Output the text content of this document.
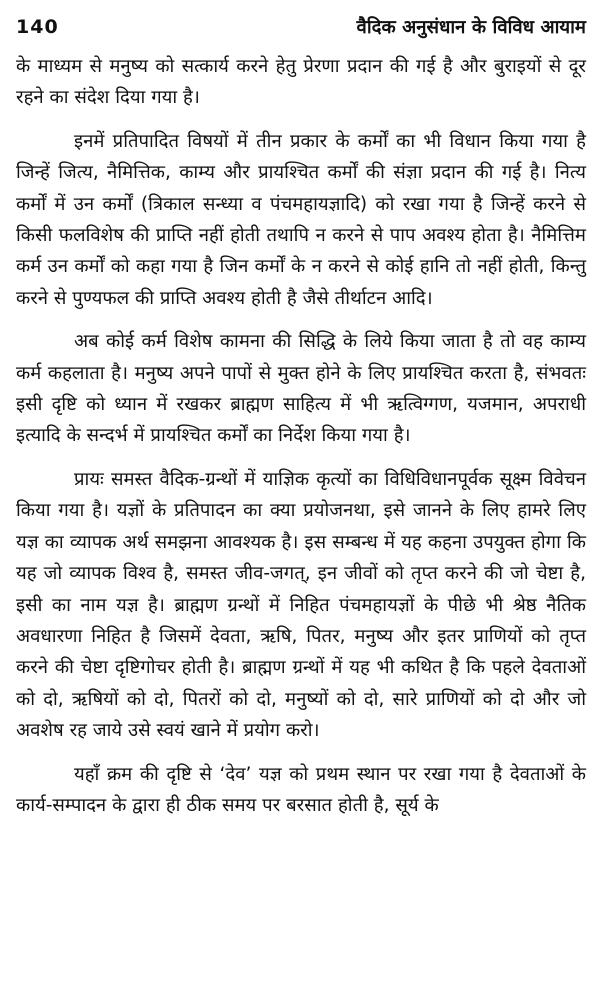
140	वैदिक अनुसंधान के विविध आयाम

के माध्यम से मनुष्य को सत्कार्य करने हेतु प्रेरणा प्रदान की गई है और बुराइयों से दूर रहने का संदेश दिया गया है।

इनमें प्रतिपादित विषयों में तीन प्रकार के कर्मों का भी विधान किया गया है जिन्हें जित्य, नैमित्तिक, काम्य और प्रायश्चित कर्मों की संज्ञा प्रदान की गई है। नित्य कर्मों में उन कर्मों (त्रिकाल सन्ध्या व पंचमहायज्ञादि) को रखा गया है जिन्हें करने से किसी फलविशेष की प्राप्ति नहीं होती तथापि न करने से पाप अवश्य होता है। नैमित्तिम कर्म उन कर्मों को कहा गया है जिन कर्मों के न करने से कोई हानि तो नहीं होती, किन्तु करने से पुण्यफल की प्राप्ति अवश्य होती है जैसे तीर्थाटन आदि।

अब कोई कर्म विशेष कामना की सिद्धि के लिये किया जाता है तो वह काम्य कर्म कहलाता है। मनुष्य अपने पापों से मुक्त होने के लिए प्रायश्चित करता है, संभवतः इसी दृष्टि को ध्यान में रखकर ब्राह्मण साहित्य में भी ऋत्विग्गण, यजमान, अपराधी इत्यादि के सन्दर्भ में प्रायश्चित कर्मों का निर्देश किया गया है।

प्रायः समस्त वैदिक-ग्रन्थों में याज्ञिक कृत्यों का विधिविधानपूर्वक सूक्ष्म विवेचन किया गया है। यज्ञों के प्रतिपादन का क्या प्रयोजनथा, इसे जानने के लिए हामरे लिए यज्ञ का व्यापक अर्थ समझना आवश्यक है। इस सम्बन्ध में यह कहना उपयुक्त होगा कि यह जो व्यापक विश्व है, समस्त जीव-जगत्, इन जीवों को तृप्त करने की जो चेष्टा है, इसी का नाम यज्ञ है। ब्राह्मण ग्रन्थों में निहित पंचमहायज्ञों के पीछे भी श्रेष्ठ नैतिक अवधारणा निहित है जिसमें देवता, ऋषि, पितर, मनुष्य और इतर प्राणियों को तृप्त करने की चेष्टा दृष्टिगोचर होती है। ब्राह्मण ग्रन्थों में यह भी कथित है कि पहले देवताओं को दो, ऋषियों को दो, पितरों को दो, मनुष्यों को दो, सारे प्राणियों को दो और जो अवशेष रह जाये उसे स्वयं खाने में प्रयोग करो।

यहाँ क्रम की दृष्टि से ‘देव’ यज्ञ को प्रथम स्थान पर रखा गया है देवताओं के कार्य-सम्पादन के द्वारा ही ठीक समय पर बरसात होती है, सूर्य के
